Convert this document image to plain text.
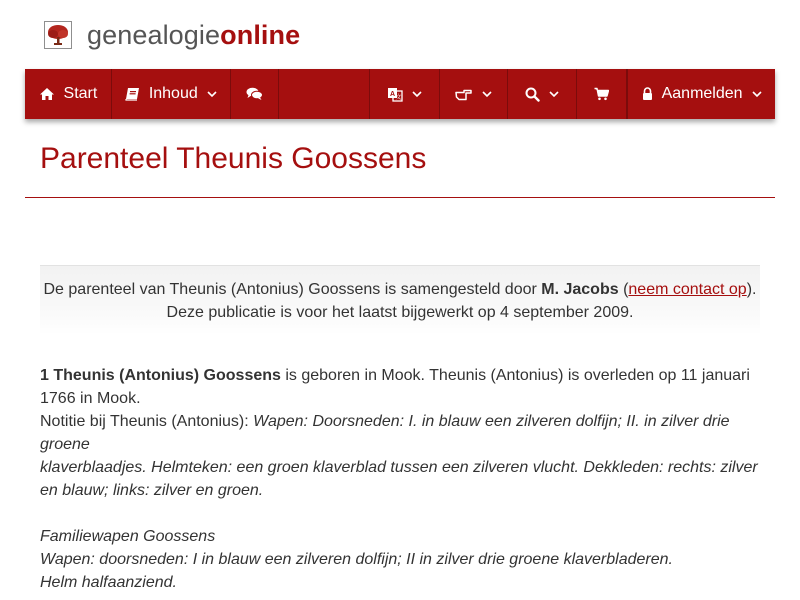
genealogieonline
Start	Inhoud	A 文	Aanmelden
Parenteel Theunis Goossens
De parenteel van Theunis (Antonius) Goossens is samengesteld door M. Jacobs (neem contact op). Deze publicatie is voor het laatst bijgewerkt op 4 september 2009.

1 Theunis (Antonius) Goossens is geboren in Mook. Theunis (Antonius) is overleden op 11 januari 1766 in Mook.

Notitie bij Theunis (Antonius): Wapen: Doorsneden: I. in blauw een zilveren dolfijn; II. in zilver drie groene
klaverblaadjes. Helmteken: een groen klaverblad tussen een zilveren vlucht. Dekkleden: rechts: zilver en blauw; links: zilver en groen.

Familiewapen Goossens
Wapen: doorsneden: I in blauw een zilveren dolfijn; II in zilver drie groene klaverbladeren.
Helm halfaanziend.
